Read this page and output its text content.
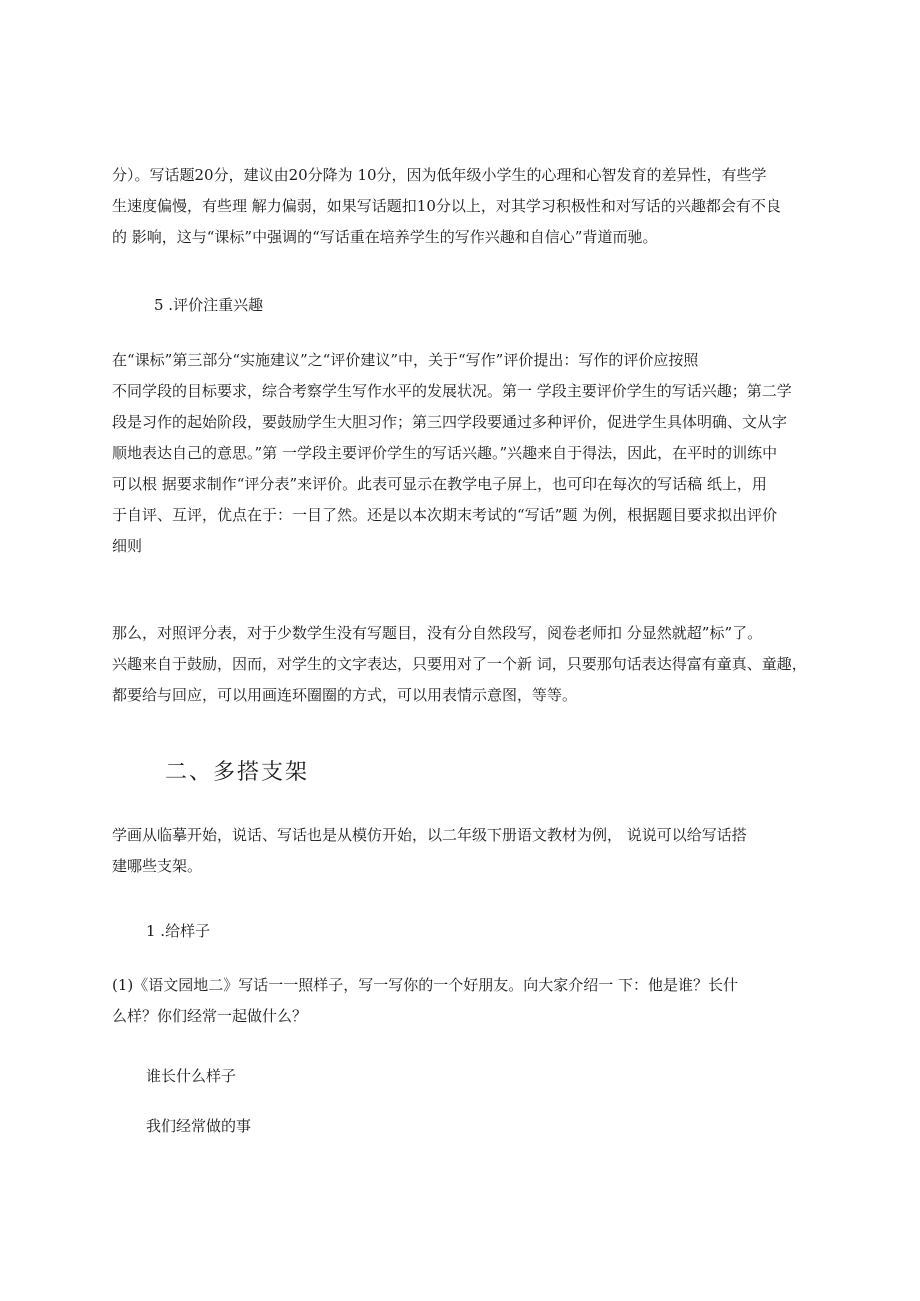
分）。写话题20分，建议由20分降为 10分，因为低年级小学生的心理和心智发育的差异性，有些学
生速度偏慢，有些理 解力偏弱，如果写话题扣10分以上，对其学习积极性和对写话的兴趣都会有不良
的 影响，这与“课标”中强调的“写话重在培养学生的写作兴趣和自信心”背道而驰。

5 .评价注重兴趣

在“课标”第三部分“实施建议”之“评价建议”中，关于“写作”评价提出：写作的评价应按照
不同学段的目标要求，综合考察学生写作水平的发展状况。第一 学段主要评价学生的写话兴趣；第二学
段是习作的起始阶段，要鼓励学生大胆习作；第三四学段要通过多种评价，促进学生具体明确、文从字
顺地表达自己的意思。”第 一学段主要评价学生的写话兴趣。”兴趣来自于得法，因此，在平时的训练中
可以根 据要求制作“评分表”来评价。此表可显示在教学电子屏上，也可印在每次的写话稿 纸上，用
于自评、互评，优点在于：一目了然。还是以本次期末考试的“写话”题 为例，根据题目要求拟出评价
细则
那么，对照评分表，对于少数学生没有写题目，没有分自然段写，阅卷老师扣 分显然就超”标”了。
兴趣来自于鼓励，因而，对学生的文字表达，只要用对了一个新 词，只要那句话表达得富有童真、童趣，
都要给与回应，可以用画连环圈圈的方式，可以用表情示意图，等等。

二、多搭支架

学画从临摹开始，说话、写话也是从模仿开始，以二年级下册语文教材为例， 说说可以给写话搭
建哪些支架。

1 .给样子

(1)《语文园地二》写话一一照样子，写一写你的一个好朋友。向大家介绍一 下：他是谁？长什
么样？你们经常一起做什么？

谁长什么样子

我们经常做的事
